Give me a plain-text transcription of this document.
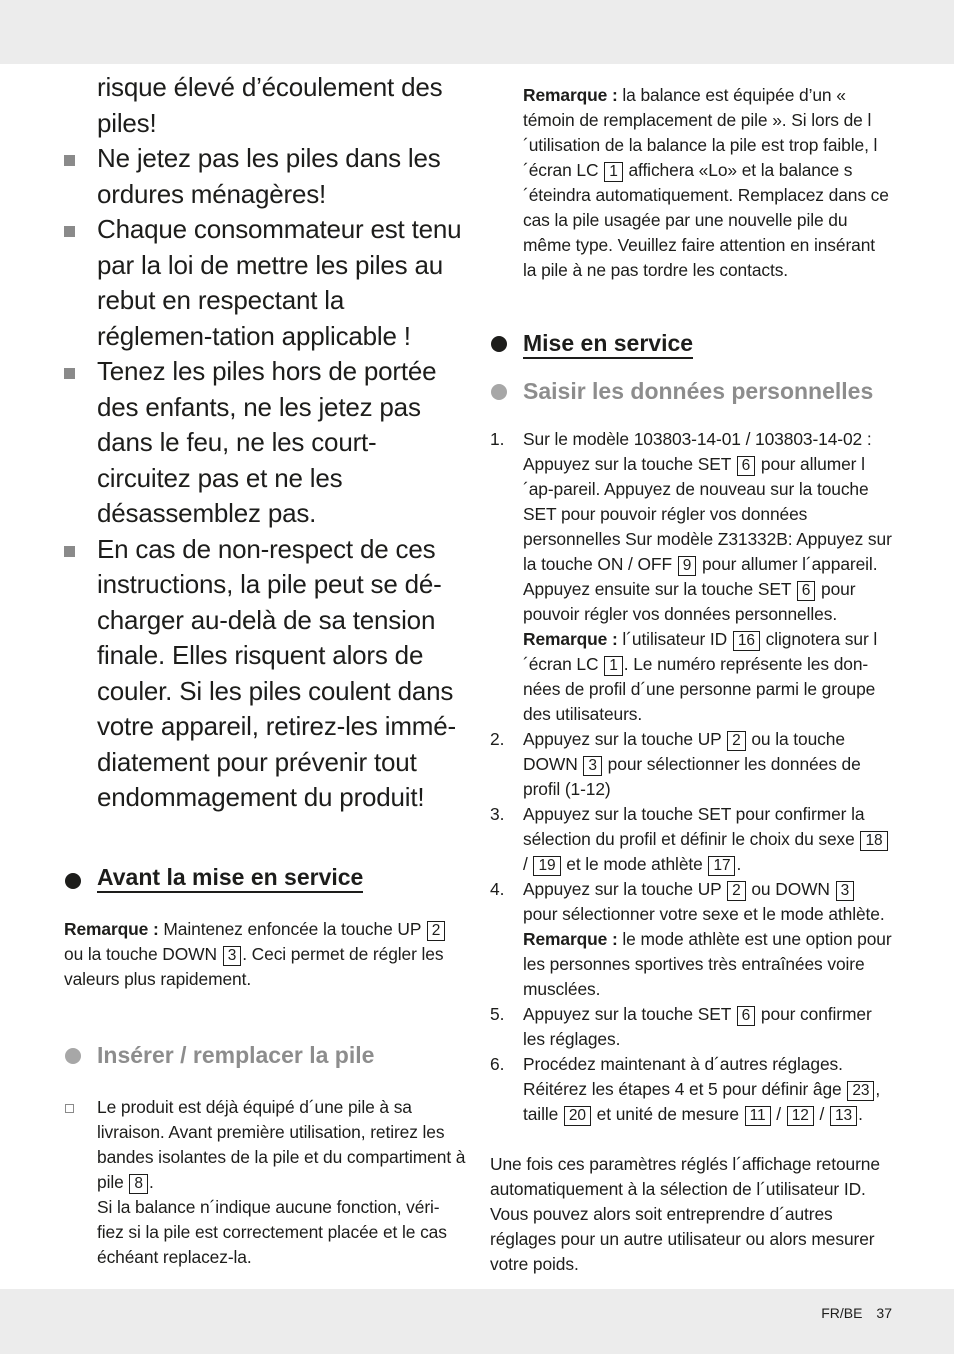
risque élevé d’écoulement des piles!
Ne jetez pas les piles dans les ordures ménagères!
Chaque consommateur est tenu par la loi de mettre les piles au rebut en respectant la réglemen-tation applicable !
Tenez les piles hors de portée des enfants, ne les jetez pas dans le feu, ne les court-circuitez pas et ne les désassemblez pas.
En cas de non-respect de ces instructions, la pile peut se dé-charger au-delà de sa tension finale. Elles risquent alors de couler. Si les piles coulent dans votre appareil, retirez-les immé-diatement pour prévenir tout endommagement du produit!
Avant la mise en service

Remarque : Maintenez enfoncée la touche UP 2 ou la touche DOWN 3 . Ceci permet de régler les valeurs plus rapidement.

Insérer / remplacer la pile

Le produit est déjà équipé d´une pile à sa livraison. Avant première utilisation, retirez les bandes isolantes de la pile et du compartiment à pile 8 .

Si la balance n´indique aucune fonction, véri-fiez si la pile est correctement placée et le cas échéant replacez-la.

Remarque : la balance est équipée d’un « témoin de remplacement de pile ». Si lors de l´utilisation de la balance la pile est trop faible, l´écran LC 1 affichera «Lo» et la balance s´éteindra automatiquement. Remplacez dans ce cas la pile usagée par une nouvelle pile du même type. Veuillez faire attention en insérant la pile à ne pas tordre les contacts.

Mise en service
Saisir les données personnelles
1. Sur le modèle 103803-14-01 / 103803-14-02 : Appuyez sur la touche SET 6 pour allumer l´ap-pareil. Appuyez de nouveau sur la touche SET pour pouvoir régler vos données personnelles Sur modèle Z31332B: Appuyez sur la touche ON / OFF 9 pour allumer l´appareil. Appuyez ensuite sur la touche SET 6 pour pouvoir régler vos données personnelles.

Remarque : l´utilisateur ID 16 clignotera sur l´écran LC 1 . Le numéro représente les don-nées de profil d´une personne parmi le groupe des utilisateurs.

2. Appuyez sur la touche UP 2 ou la touche DOWN 3 pour sélectionner les données de profil (1-12)

3. Appuyez sur la touche SET pour confirmer la sélection du profil et définir le choix du sexe 18 / 19 et le mode athlète 17 .

4. Appuyez sur la touche UP 2 ou DOWN 3 pour sélectionner votre sexe et le mode athlète.

Remarque : le mode athlète est une option pour les personnes sportives très entraînées voire musclées.

5. Appuyez sur la touche SET 6 pour confirmer les réglages.

6. Procédez maintenant à d´autres réglages. Réitérez les étapes 4 et 5 pour définir âge 23 , taille 20 et unité de mesure 11 / 12 / 13 .

Une fois ces paramètres réglés l´affichage retourne automatiquement à la sélection de l´utilisateur ID. Vous pouvez alors soit entreprendre d´autres réglages pour un autre utilisateur ou alors mesurer votre poids.

FR/BE 37
